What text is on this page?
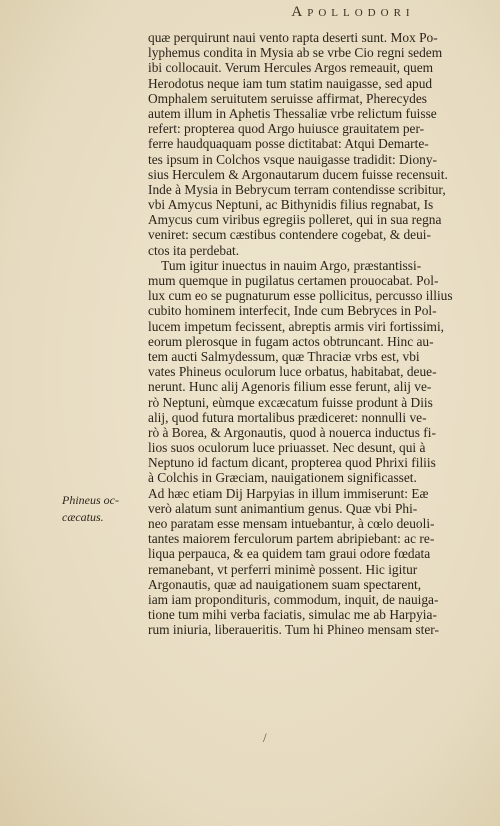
Apollodori
Phineus oc-
cæcatus.
quæ perquirunt naui vento rapta deserti sunt. Mox Po-
lyphemus condita in Mysia ab se vrbe Cio regni sedem
ibi collocauit. Verum Hercules Argos remeauit, quem
Herodotus neque iam tum statim nauigasse, sed apud
Omphalem seruitutem seruisse affirmat, Pherecydes
autem illum in Aphetis Thessaliæ vrbe relictum fuisse
refert: propterea quod Argo huiusce grauitatem per-
ferre haudquaquam posse dictitabat: Atqui Demarte-
tes ipsum in Colchos vsque nauigasse tradidit: Diony-
sius Herculem & Argonautarum ducem fuisse recensuit.
Inde à Mysia in Bebrycum terram contendisse scribitur,
vbi Amycus Neptuni, ac Bithynidis filius regnabat, Is
Amycus cum viribus egregiis polleret, qui in sua regna
veniret: secum cæstibus contendere cogebat, & deui-
ctos ita perdebat.
Tum igitur inuectus in nauim Argo, præstantissi-
mum quemque in pugilatus certamen prouocabat. Pol-
lux cum eo se pugnaturum esse pollicitus, percusso illius
cubito hominem interfecit, Inde cum Bebryces in Pol-
lucem impetum fecissent, abreptis armis viri fortissimi,
eorum plerosque in fugam actos obtruncant. Hinc au-
tem aucti Salmydessum, quæ Thraciæ vrbs est, vbi
vates Phineus oculorum luce orbatus, habitabat, deue-
nerunt. Hunc alij Agenoris filium esse ferunt, alij ve-
rò Neptuni, eùmque excæcatum fuisse produnt à Diis
alij, quod futura mortalibus prædiceret: nonnulli ve-
rò à Borea, & Argonautis, quod à nouerca inductus fi-
lios suos oculorum luce priuasset. Nec desunt, qui à
Neptuno id factum dicant, propterea quod Phrixi filiis
à Colchis in Græciam, nauigationem significasset.
Ad hæc etiam Dij Harpyias in illum immiserunt: Eæ
verò alatum sunt animantium genus. Quæ vbi Phi-
neo paratam esse mensam intuebantur, à cœlo deuoli-
tantes maiorem ferculorum partem abripiebant: ac re-
liqua perpauca, & ea quidem tam graui odore fœdata
remanebant, vt perferri minimè possent. Hic igitur
Argonautis, quæ ad nauigationem suam spectarent,
iam iam propondituris, commodum, inquit, de nauiga-
tione tum mihi verba faciatis, simulac me ab Harpyia-
rum iniuria, liberaueritis. Tum hi Phineo mensam ster-
/
